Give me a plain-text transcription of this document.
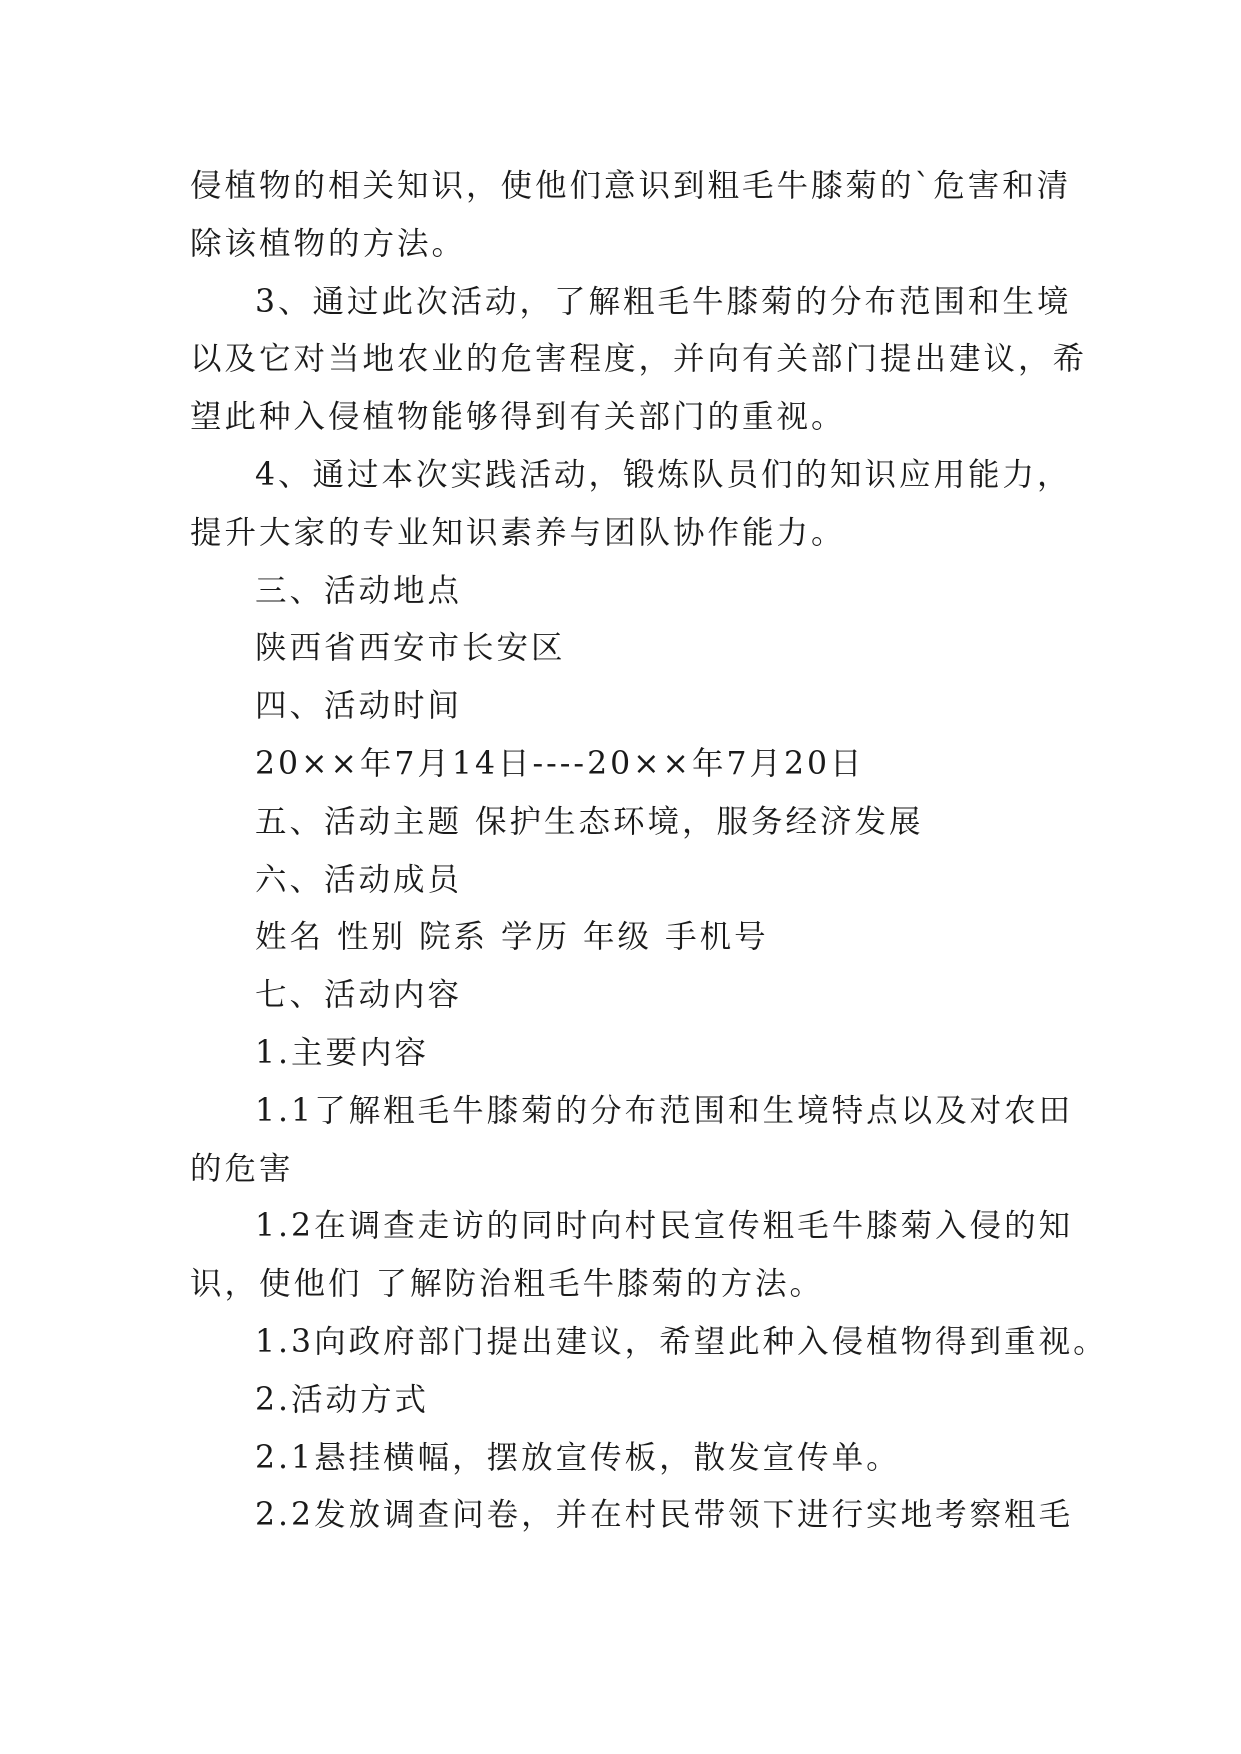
侵植物的相关知识，使他们意识到粗毛牛膝菊的`危害和清

除该植物的方法。

3、通过此次活动，了解粗毛牛膝菊的分布范围和生境

以及它对当地农业的危害程度，并向有关部门提出建议，希

望此种入侵植物能够得到有关部门的重视。

4、通过本次实践活动，锻炼队员们的知识应用能力，

提升大家的专业知识素养与团队协作能力。

三、活动地点

陕西省西安市长安区

四、活动时间

20××年7月14日----20××年7月20日

五、活动主题 保护生态环境，服务经济发展

六、活动成员

姓名 性别 院系 学历 年级 手机号

七、活动内容

1.主要内容

1.1了解粗毛牛膝菊的分布范围和生境特点以及对农田

的危害

1.2在调查走访的同时向村民宣传粗毛牛膝菊入侵的知

识，使他们 了解防治粗毛牛膝菊的方法。

1.3向政府部门提出建议，希望此种入侵植物得到重视。

2.活动方式

2.1悬挂横幅，摆放宣传板，散发宣传单。

2.2发放调查问卷，并在村民带领下进行实地考察粗毛
